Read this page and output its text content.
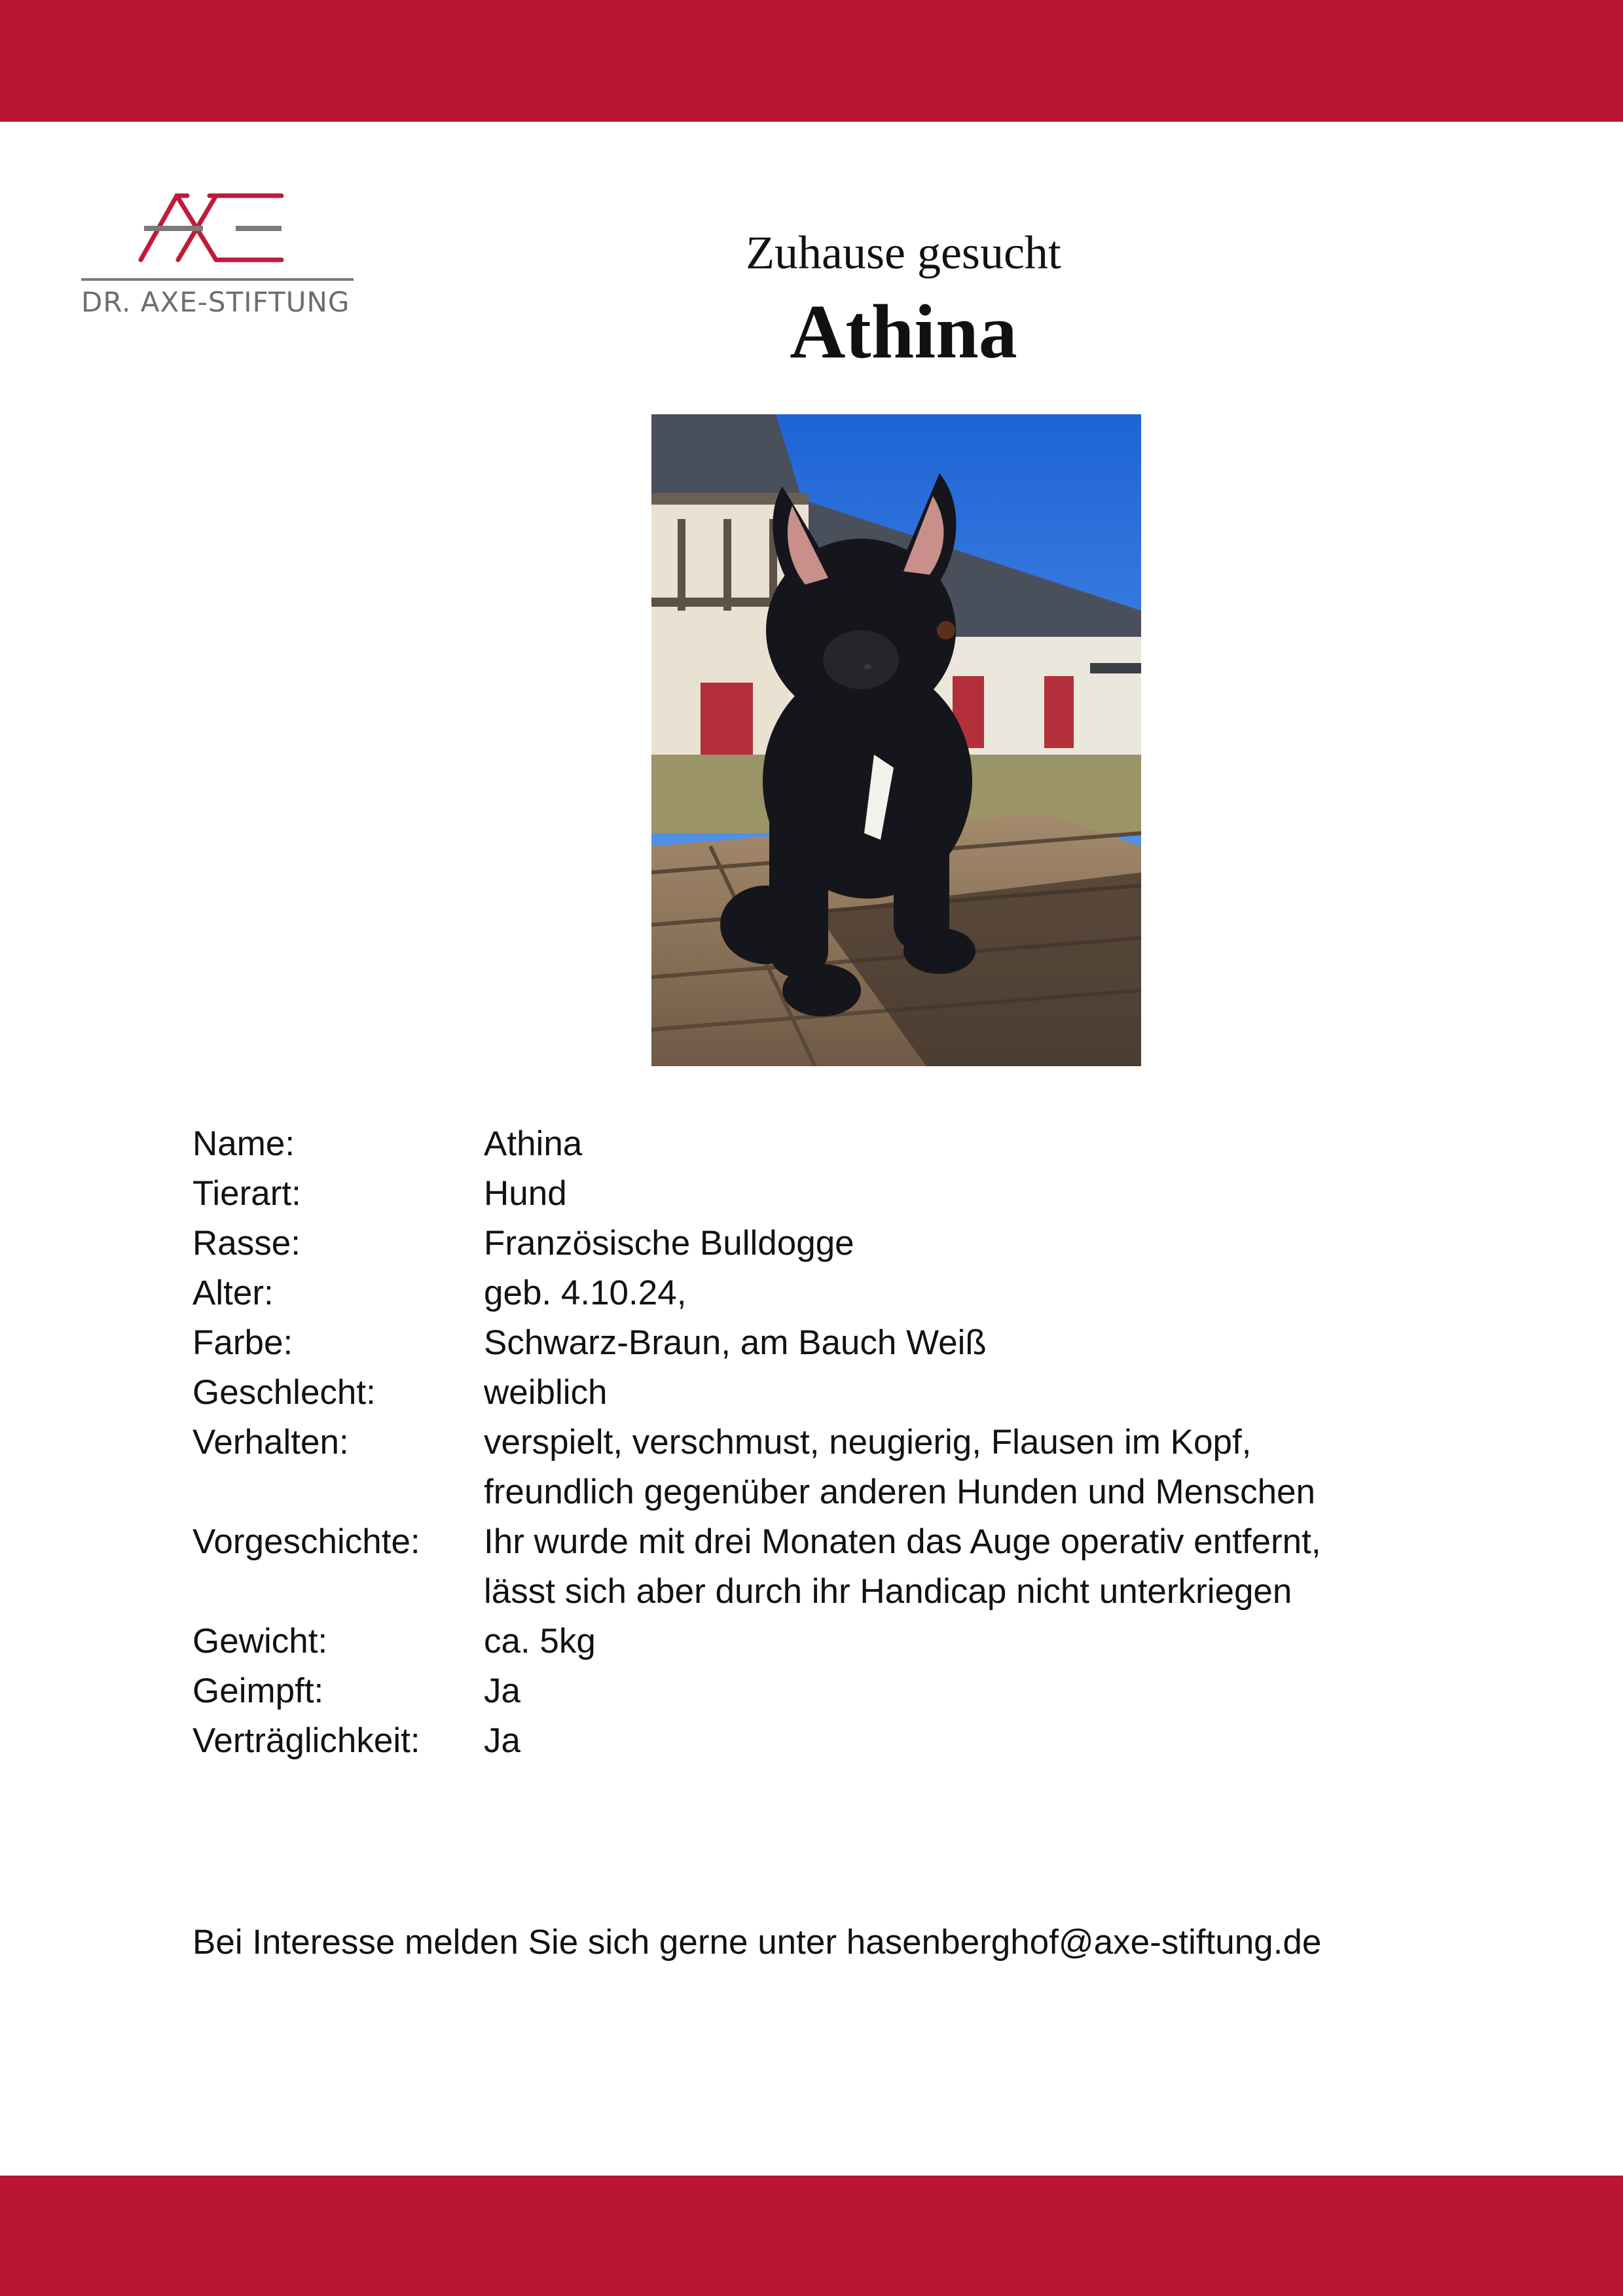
DR. AXE-STIFTUNG
Zuhause gesucht
Athina
Name:	Athina
Tierart:	Hund
Rasse:	Französische Bulldogge
Alter:	geb. 4.10.24,
Farbe:	Schwarz-Braun, am Bauch Weiß
Geschlecht:	weiblich
Verhalten:	verspielt, verschmust, neugierig, Flausen im Kopf,
freundlich gegenüber anderen Hunden und Menschen
Vorgeschichte:	Ihr wurde mit drei Monaten das Auge operativ entfernt,
lässt sich aber durch ihr Handicap nicht unterkriegen
Gewicht:	ca. 5kg
Geimpft:	Ja
Verträglichkeit:	Ja
Bei Interesse melden Sie sich gerne unter hasenberghof@axe-stiftung.de
